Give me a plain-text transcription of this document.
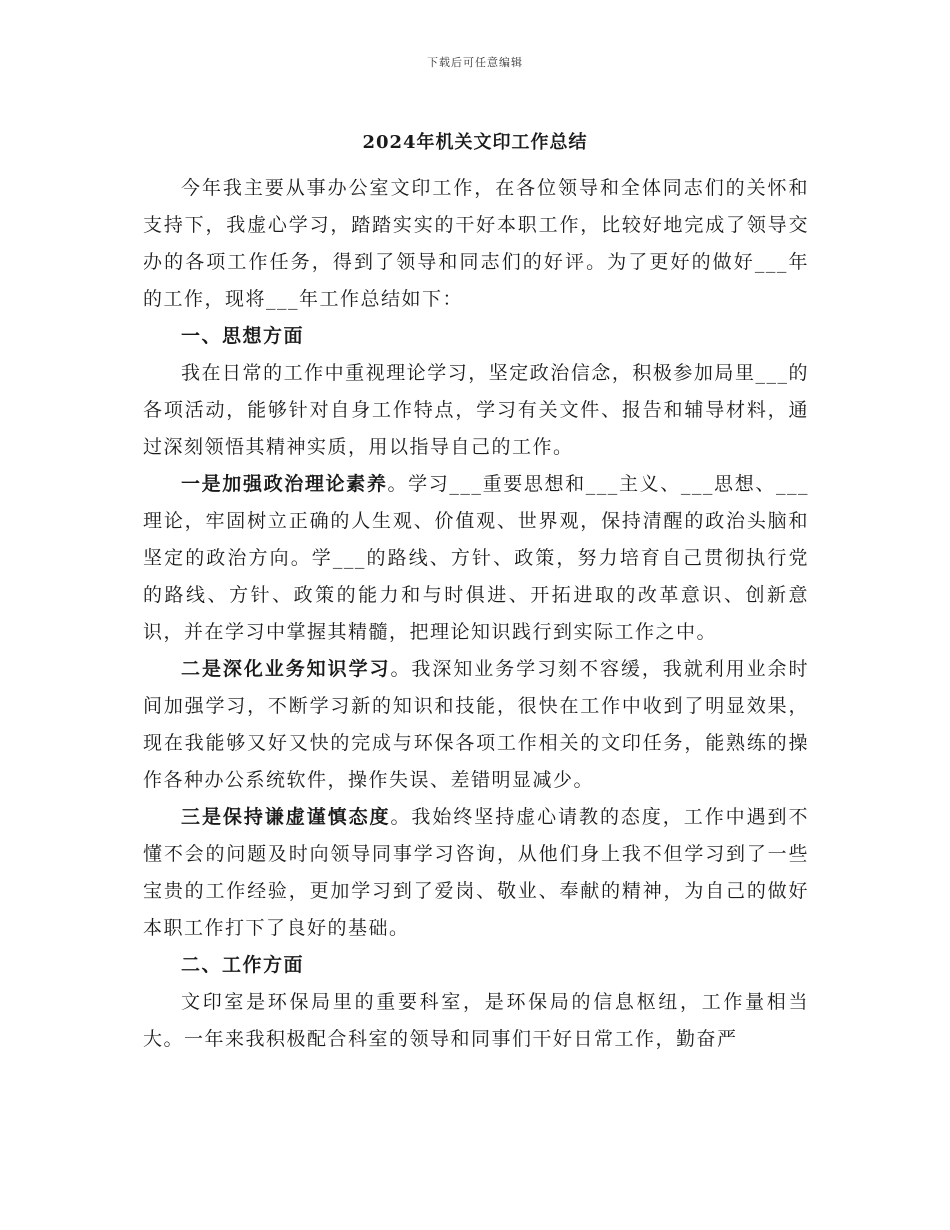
下载后可任意编辑
2024年机关文印工作总结

今年我主要从事办公室文印工作，在各位领导和全体同志们的关怀和支持下，我虚心学习，踏踏实实的干好本职工作，比较好地完成了领导交办的各项工作任务，得到了领导和同志们的好评。为了更好的做好___年的工作，现将___年工作总结如下：

一、思想方面

我在日常的工作中重视理论学习，坚定政治信念，积极参加局里___的各项活动，能够针对自身工作特点，学习有关文件、报告和辅导材料，通过深刻领悟其精神实质，用以指导自己的工作。

一是加强政治理论素养。学习___重要思想和___主义、___思想、___理论，牢固树立正确的人生观、价值观、世界观，保持清醒的政治头脑和坚定的政治方向。学___的路线、方针、政策，努力培育自己贯彻执行党的路线、方针、政策的能力和与时俱进、开拓进取的改革意识、创新意识，并在学习中掌握其精髓，把理论知识践行到实际工作之中。

二是深化业务知识学习。我深知业务学习刻不容缓，我就利用业余时间加强学习，不断学习新的知识和技能，很快在工作中收到了明显效果，现在我能够又好又快的完成与环保各项工作相关的文印任务，能熟练的操作各种办公系统软件，操作失误、差错明显减少。

三是保持谦虚谨慎态度。我始终坚持虚心请教的态度，工作中遇到不懂不会的问题及时向领导同事学习咨询，从他们身上我不但学习到了一些宝贵的工作经验，更加学习到了爱岗、敬业、奉献的精神，为自己的做好本职工作打下了良好的基础。

二、工作方面

文印室是环保局里的重要科室，是环保局的信息枢纽，工作量相当大。一年来我积极配合科室的领导和同事们干好日常工作，勤奋严
